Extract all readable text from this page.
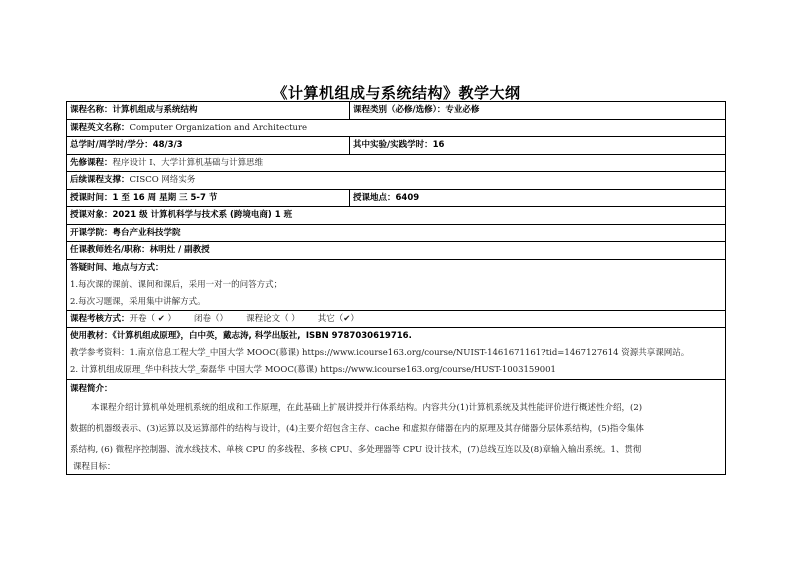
《计算机组成与系统结构》教学大纲
课程名称：计算机组成与系统结构	课程类别（必修/选修）：专业必修
课程英文名称：Computer Organization and Architecture
总学时/周学时/学分：48/3/3	其中实验/实践学时：16
先修课程：程序设计 I、大学计算机基础与计算思维
后续课程支撑：CISCO 网络实务
授课时间：1 至 16 周 星期 三 5-7 节	授课地点：6409
授课对象：2021 级 计算机科学与技术系 (跨境电商) 1 班
开课学院：粤台产业科技学院
任课教师姓名/职称：林明灶 / 副教授
答疑时间、地点与方式：
1.每次课的课前、课间和课后，采用一对一的问答方式；
2.每次习题课，采用集中讲解方式。
课程考核方式：开卷（ ✔ ） 闭卷（） 课程论文（ ） 其它（✔）
使用教材：《计算机组成原理》，白中英，戴志涛, 科学出版社, ISBN 9787030619716.
教学参考资料：1.南京信息工程大学_中国大学 MOOC(慕课) https://www.icourse163.org/course/NUIST-1461671161?tid=1467127614 资源共享课网站。
2. 计算机组成原理_华中科技大学_秦磊华 中国大学 MOOC(慕课) https://www.icourse163.org/course/HUST-1003159001
课程简介：
本课程介绍计算机单处理机系统的组成和工作原理，在此基础上扩展讲授并行体系结构。内容共分(1)计算机系统及其性能评价进行概述性介绍，(2)
数据的机器级表示、(3)运算以及运算部件的结构与设计，(4)主要介绍包含主存、cache 和虚拟存储器在内的原理及其存储器分层体系结构，(5)指令集体
系结构, (6) 微程序控制器、流水线技术、单核 CPU 的多线程、多核 CPU、多处理器等 CPU 设计技术，(7)总线互连以及(8)章输入输出系统。1、贯彻
课程目标：
